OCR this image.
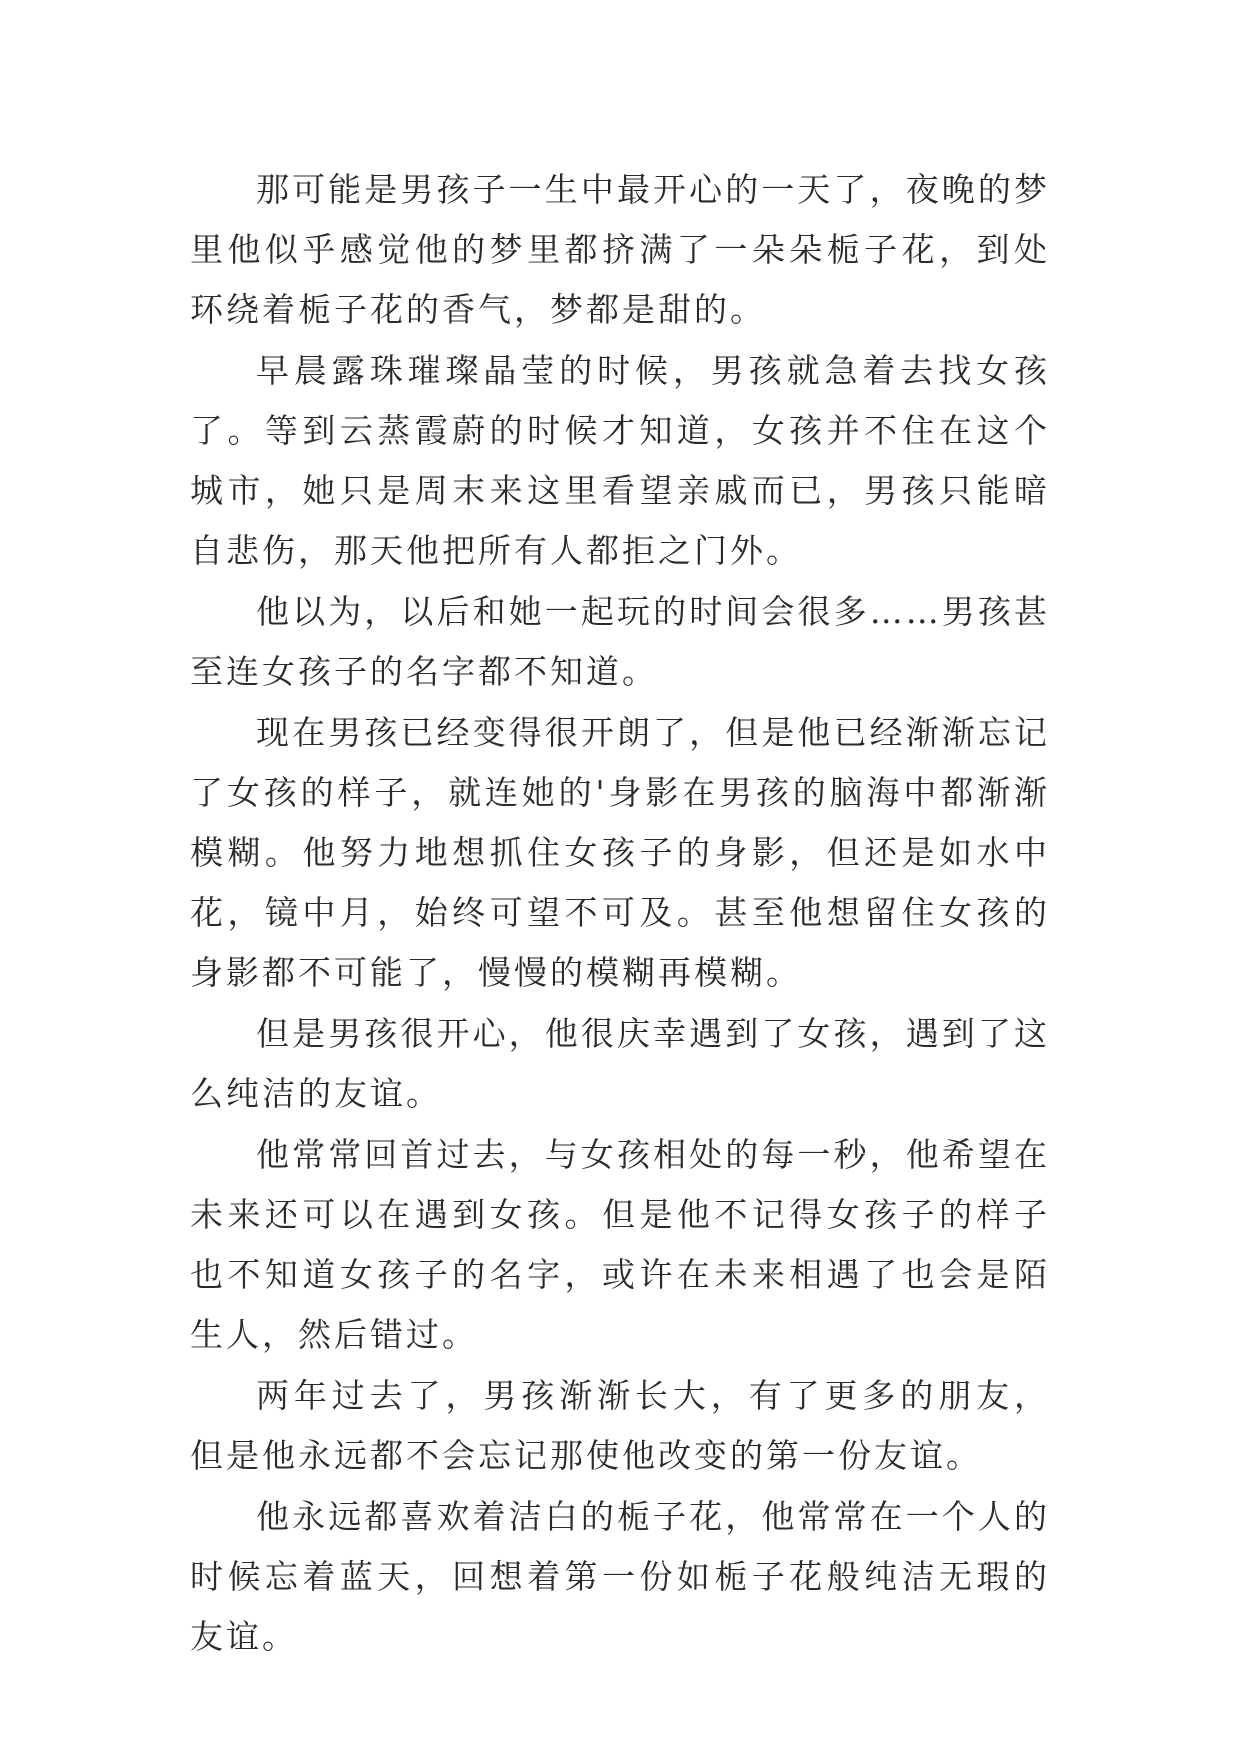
那可能是男孩子一生中最开心的一天了，夜晚的梦里他似乎感觉他的梦里都挤满了一朵朵栀子花，到处环绕着栀子花的香气，梦都是甜的。

早晨露珠璀璨晶莹的时候，男孩就急着去找女孩了。等到云蒸霞蔚的时候才知道，女孩并不住在这个城市，她只是周末来这里看望亲戚而已，男孩只能暗自悲伤，那天他把所有人都拒之门外。

他以为，以后和她一起玩的时间会很多……男孩甚至连女孩子的名字都不知道。

现在男孩已经变得很开朗了，但是他已经渐渐忘记了女孩的样子，就连她的'身影在男孩的脑海中都渐渐模糊。他努力地想抓住女孩子的身影，但还是如水中花，镜中月，始终可望不可及。甚至他想留住女孩的身影都不可能了，慢慢的模糊再模糊。

但是男孩很开心，他很庆幸遇到了女孩，遇到了这么纯洁的友谊。

他常常回首过去，与女孩相处的每一秒，他希望在未来还可以在遇到女孩。但是他不记得女孩子的样子也不知道女孩子的名字，或许在未来相遇了也会是陌生人，然后错过。

两年过去了，男孩渐渐长大，有了更多的朋友， 但是他永远都不会忘记那使他改变的第一份友谊。

他永远都喜欢着洁白的栀子花，他常常在一个人的时候忘着蓝天，回想着第一份如栀子花般纯洁无瑕的友谊。
